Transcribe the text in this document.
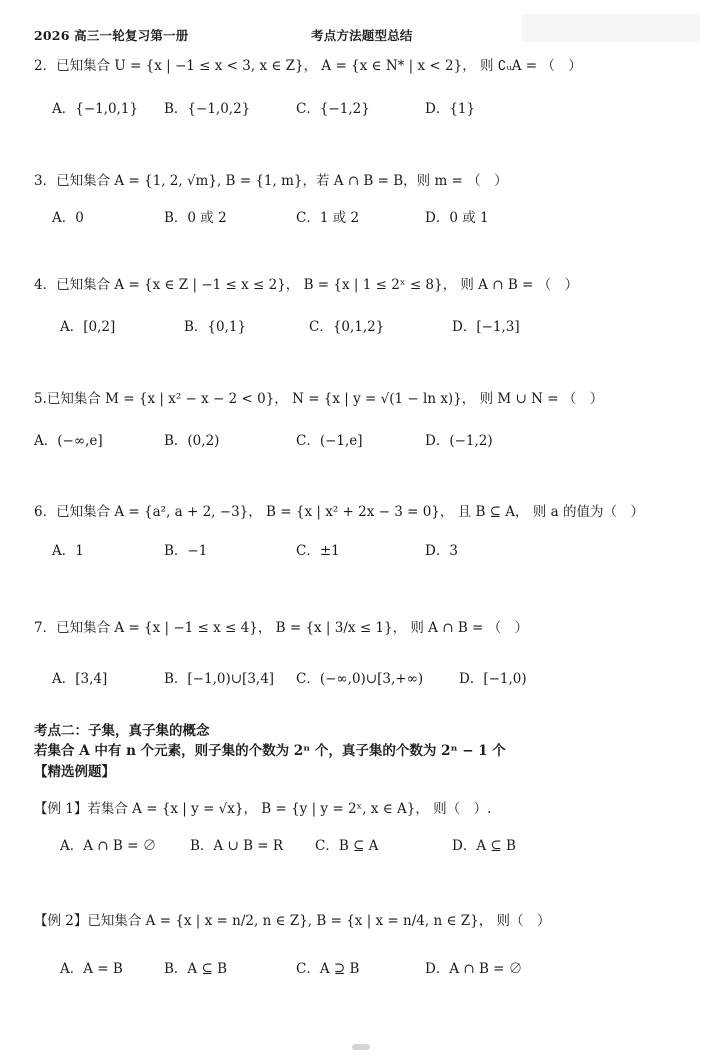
2026 高三一轮复习第一册	考点方法题型总结
2．已知集合 U = {x | −1 ≤ x < 3, x ∈ Z}， A = {x ∈ N* | x < 2}， 则 ∁ᵤA = （　）
A．{−1,0,1} B．{−1,0,2}	C．{−1,2}	D．{1}
3．已知集合 A = {1, 2, √m}, B = {1, m}，若 A ∩ B = B，则 m = （　）
A．0	B．0 或 2	C．1 或 2	D．0 或 1
4．已知集合 A = {x ∈ Z | −1 ≤ x ≤ 2}， B = {x | 1 ≤ 2ˣ ≤ 8}， 则 A ∩ B = （　）
A．[0,2]	B．{0,1}	C．{0,1,2}	D．[−1,3]
5.已知集合 M = {x | x² − x − 2 < 0}， N = {x | y = √(1 − ln x)}， 则 M ∪ N = （　）
A．(−∞,e]	B．(0,2)	C．(−1,e]	D．(−1,2)
6．已知集合 A = {a², a + 2, −3}， B = {x | x² + 2x − 3 = 0}， 且 B ⊆ A， 则 a 的值为（　）
A．1	B．−1	C．±1	D．3
7．已知集合 A = {x | −1 ≤ x ≤ 4}， B = {x | 3/x ≤ 1}， 则 A ∩ B = （　）
A．[3,4]	B．[−1,0)∪[3,4] C．(−∞,0)∪[3,+∞)	D．[−1,0)
考点二：子集，真子集的概念
若集合 A 中有 n 个元素，则子集的个数为 2ⁿ 个，真子集的个数为 2ⁿ − 1 个
【精选例题】
【例 1】若集合 A = {x | y = √x}， B = {y | y = 2ˣ, x ∈ A}， 则（　）.
A．A ∩ B = ∅	B．A ∪ B = R C．B ⊆ A	D．A ⊆ B
【例 2】已知集合 A = {x | x = n/2, n ∈ Z}, B = {x | x = n/4, n ∈ Z}， 则（　）
A．A = B	B．A ⊆ B	C．A ⊇ B	D．A ∩ B = ∅
